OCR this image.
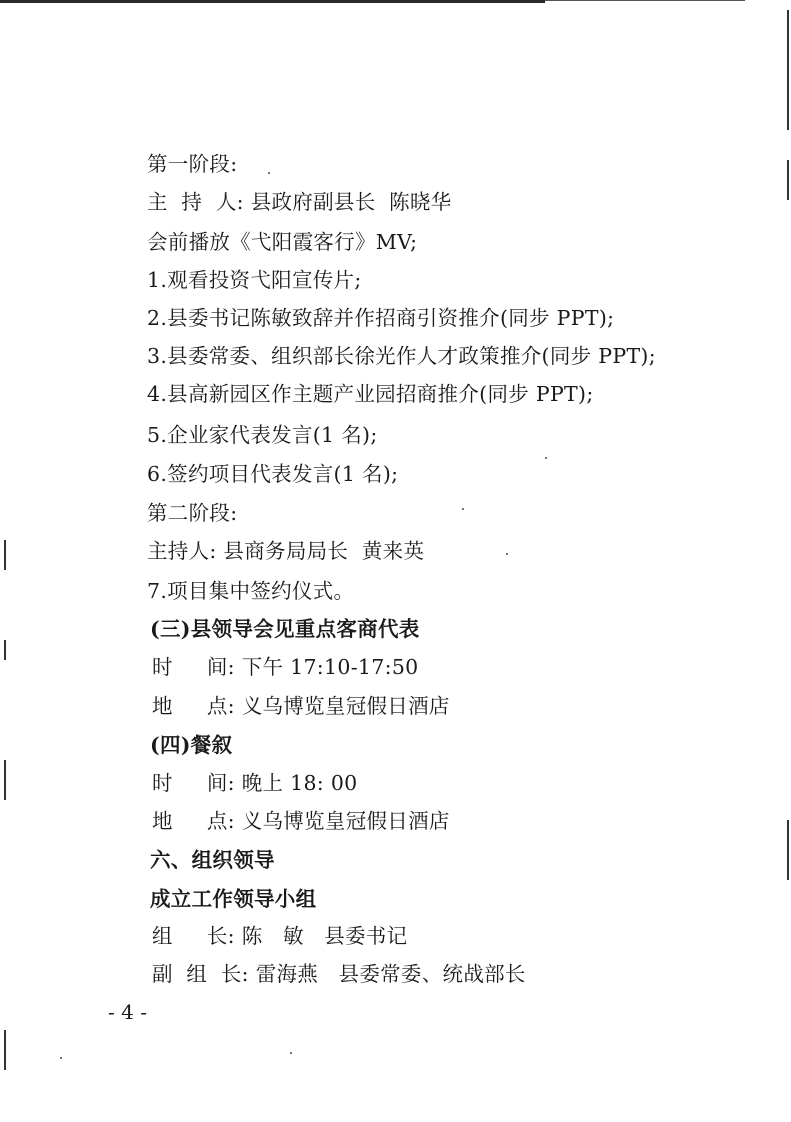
第一阶段:
主  持  人: 县政府副县长  陈晓华
会前播放《弋阳霞客行》MV;
1.观看投资弋阳宣传片;
2.县委书记陈敏致辞并作招商引资推介(同步 PPT);
3.县委常委、组织部长徐光作人才政策推介(同步 PPT);
4.县高新园区作主题产业园招商推介(同步 PPT);
5.企业家代表发言(1 名);
6.签约项目代表发言(1 名);
第二阶段:
主持人: 县商务局局长  黄来英
7.项目集中签约仪式。
(三)县领导会见重点客商代表
时     间: 下午 17:10-17:50
地     点: 义乌博览皇冠假日酒店
(四)餐叙
时     间: 晚上 18: 00
地     点: 义乌博览皇冠假日酒店
六、组织领导
成立工作领导小组
组     长: 陈   敏   县委书记
副  组  长: 雷海燕   县委常委、统战部长
- 4 -
